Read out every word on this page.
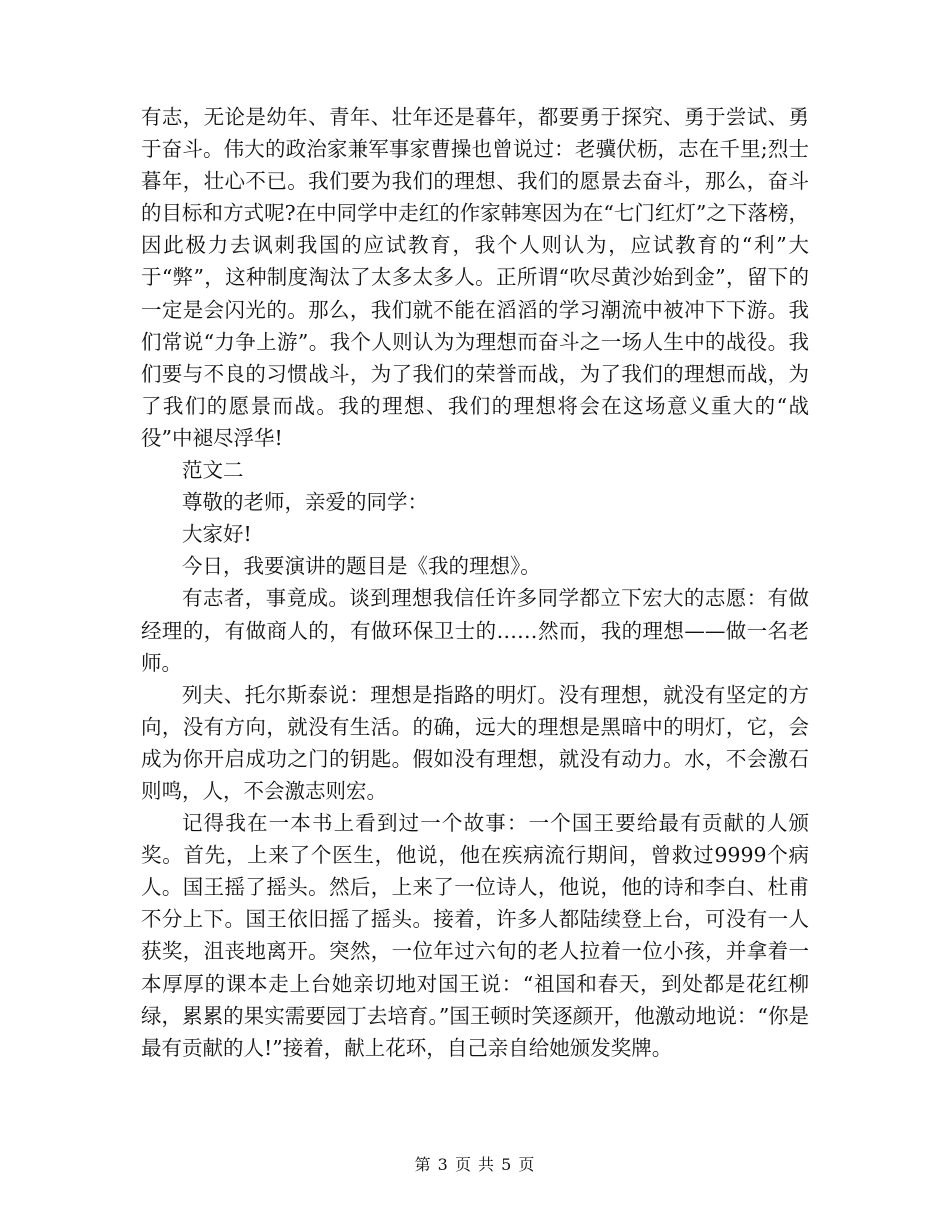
有志，无论是幼年、青年、壮年还是暮年，都要勇于探究、勇于尝试、勇于奋斗。伟大的政治家兼军事家曹操也曾说过：老骥伏枥，志在千里;烈士暮年，壮心不已。我们要为我们的理想、我们的愿景去奋斗，那么，奋斗的目标和方式呢?在中同学中走红的作家韩寒因为在“七门红灯”之下落榜，因此极力去讽刺我国的应试教育，我个人则认为，应试教育的“利”大于“弊”，这种制度淘汰了太多太多人。正所谓“吹尽黄沙始到金”，留下的一定是会闪光的。那么，我们就不能在滔滔的学习潮流中被冲下下游。我们常说“力争上游”。我个人则认为为理想而奋斗之一场人生中的战役。我们要与不良的习惯战斗，为了我们的荣誉而战，为了我们的理想而战，为了我们的愿景而战。我的理想、我们的理想将会在这场意义重大的“战役”中褪尽浮华!

范文二

尊敬的老师，亲爱的同学：

大家好!

今日，我要演讲的题目是《我的理想》。

有志者，事竟成。谈到理想我信任许多同学都立下宏大的志愿：有做经理的，有做商人的，有做环保卫士的……然而，我的理想——做一名老师。

列夫、托尔斯泰说：理想是指路的明灯。没有理想，就没有坚定的方向，没有方向，就没有生活。的确，远大的理想是黑暗中的明灯，它，会成为你开启成功之门的钥匙。假如没有理想，就没有动力。水，不会激石则鸣，人，不会激志则宏。

记得我在一本书上看到过一个故事：一个国王要给最有贡献的人颁奖。首先，上来了个医生，他说，他在疾病流行期间，曾救过9999个病人。国王摇了摇头。然后，上来了一位诗人，他说，他的诗和李白、杜甫不分上下。国王依旧摇了摇头。接着，许多人都陆续登上台，可没有一人获奖，沮丧地离开。突然，一位年过六旬的老人拉着一位小孩，并拿着一本厚厚的课本走上台她亲切地对国王说：“祖国和春天，到处都是花红柳绿，累累的果实需要园丁去培育。”国王顿时笑逐颜开，他激动地说：“你是最有贡献的人!”接着，献上花环，自己亲自给她颁发奖牌。

第 3 页 共 5 页
